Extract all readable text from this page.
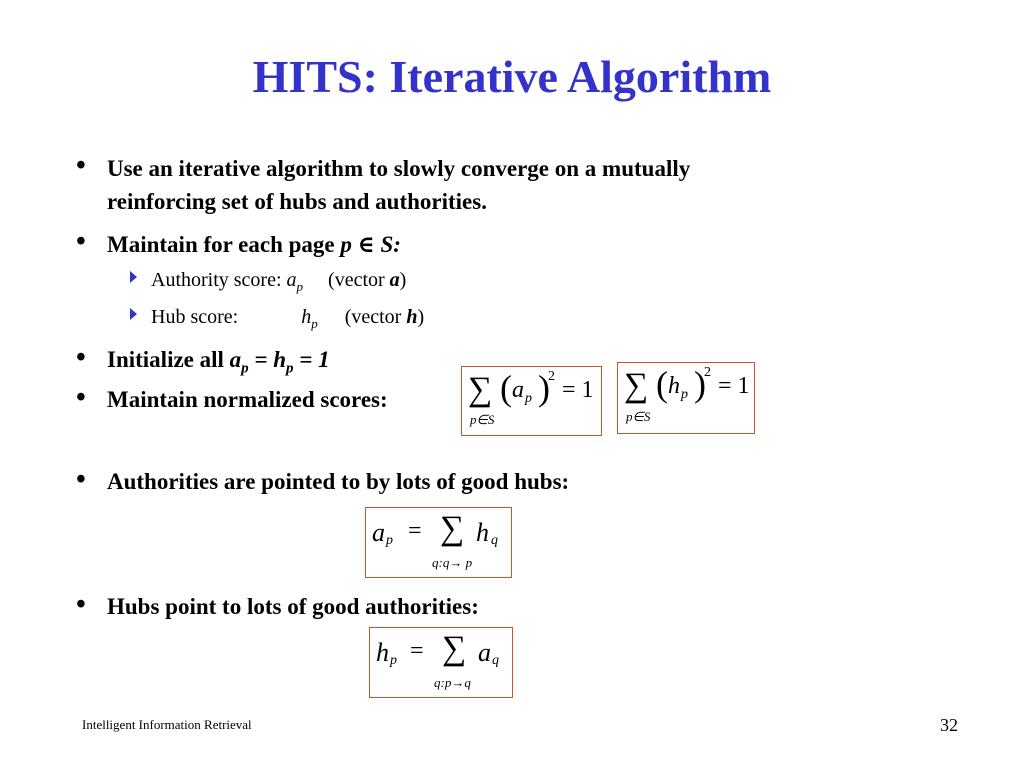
HITS: Iterative Algorithm
• Use an iterative algorithm to slowly converge on a mutually
reinforcing set of hubs and authorities.
• Maintain for each page p ∈ S:
Authority score: $a_p$ (vector a)
Hub score:	$h_p$ (vector h)
• Initialize all $a_p = h_p = 1$
• Maintain normalized scores: ∑
p∈S
( a p )
2
= 1 ∑
p∈S
( h p )
2
= 1
• Authorities are pointed to by lots of good hubs:
a p = ∑ h q
q:q→ p
• Hubs point to lots of good authorities:
h p = ∑ a q
q:p→q
Intelligent Information Retrieval	32
